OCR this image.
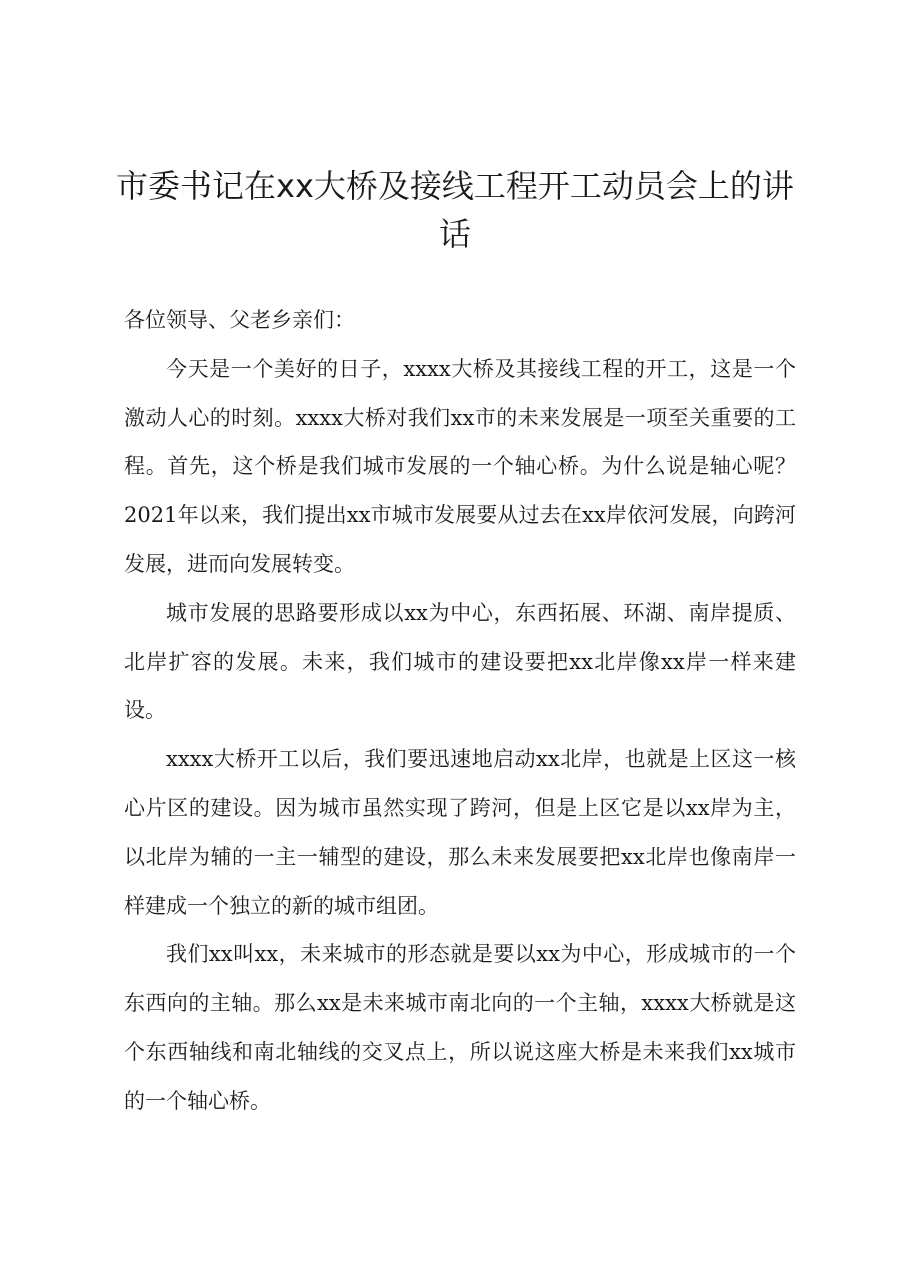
市委书记在xx大桥及接线工程开工动员会上的讲话

各位领导、父老乡亲们：

今天是一个美好的日子，xxxx大桥及其接线工程的开工，这是一个激动人心的时刻。xxxx大桥对我们xx市的未来发展是一项至关重要的工程。首先，这个桥是我们城市发展的一个轴心桥。为什么说是轴心呢？2021年以来，我们提出xx市城市发展要从过去在xx岸依河发展，向跨河发展，进而向发展转变。

城市发展的思路要形成以xx为中心，东西拓展、环湖、南岸提质、北岸扩容的发展。未来，我们城市的建设要把xx北岸像xx岸一样来建设。

xxxx大桥开工以后，我们要迅速地启动xx北岸，也就是上区这一核心片区的建设。因为城市虽然实现了跨河，但是上区它是以xx岸为主，以北岸为辅的一主一辅型的建设，那么未来发展要把xx北岸也像南岸一样建成一个独立的新的城市组团。

我们xx叫xx，未来城市的形态就是要以xx为中心，形成城市的一个东西向的主轴。那么xx是未来城市南北向的一个主轴，xxxx大桥就是这个东西轴线和南北轴线的交叉点上，所以说这座大桥是未来我们xx城市的一个轴心桥。
